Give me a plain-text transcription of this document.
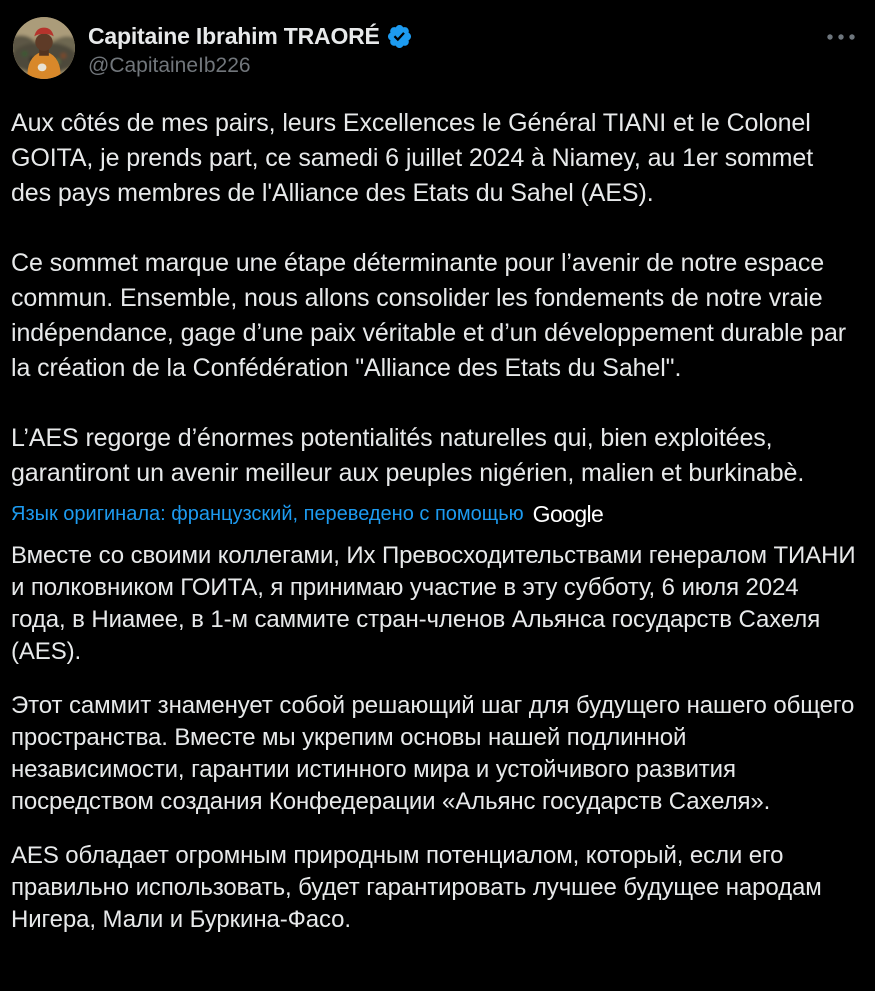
Capitaine Ibrahim TRAORÉ
@CapitaineIb226

Aux côtés de mes pairs, leurs Excellences le Général TIANI et le Colonel GOITA, je prends part, ce samedi 6 juillet 2024 à Niamey, au 1er sommet des pays membres de l'Alliance des Etats du Sahel (AES).

Ce sommet marque une étape déterminante pour l’avenir de notre espace commun. Ensemble, nous allons consolider les fondements de notre vraie indépendance, gage d’une paix véritable et d’un développement durable par la création de la Confédération "Alliance des Etats du Sahel".

L’AES regorge d’énormes potentialités naturelles qui, bien exploitées, garantiront un avenir meilleur aux peuples nigérien, malien et burkinabè.

Язык оригинала: французский, переведено с помощью Google

Вместе со своими коллегами, Их Превосходительствами генералом ТИАНИ и полковником ГОИТА, я принимаю участие в эту субботу, 6 июля 2024 года, в Ниамее, в 1-м саммите стран-членов Альянса государств Сахеля (AES).

Этот саммит знаменует собой решающий шаг для будущего нашего общего пространства. Вместе мы укрепим основы нашей подлинной независимости, гарантии истинного мира и устойчивого развития посредством создания Конфедерации «Альянс государств Сахеля».

AES обладает огромным природным потенциалом, который, если его правильно использовать, будет гарантировать лучшее будущее народам Нигера, Мали и Буркина-Фасо.
